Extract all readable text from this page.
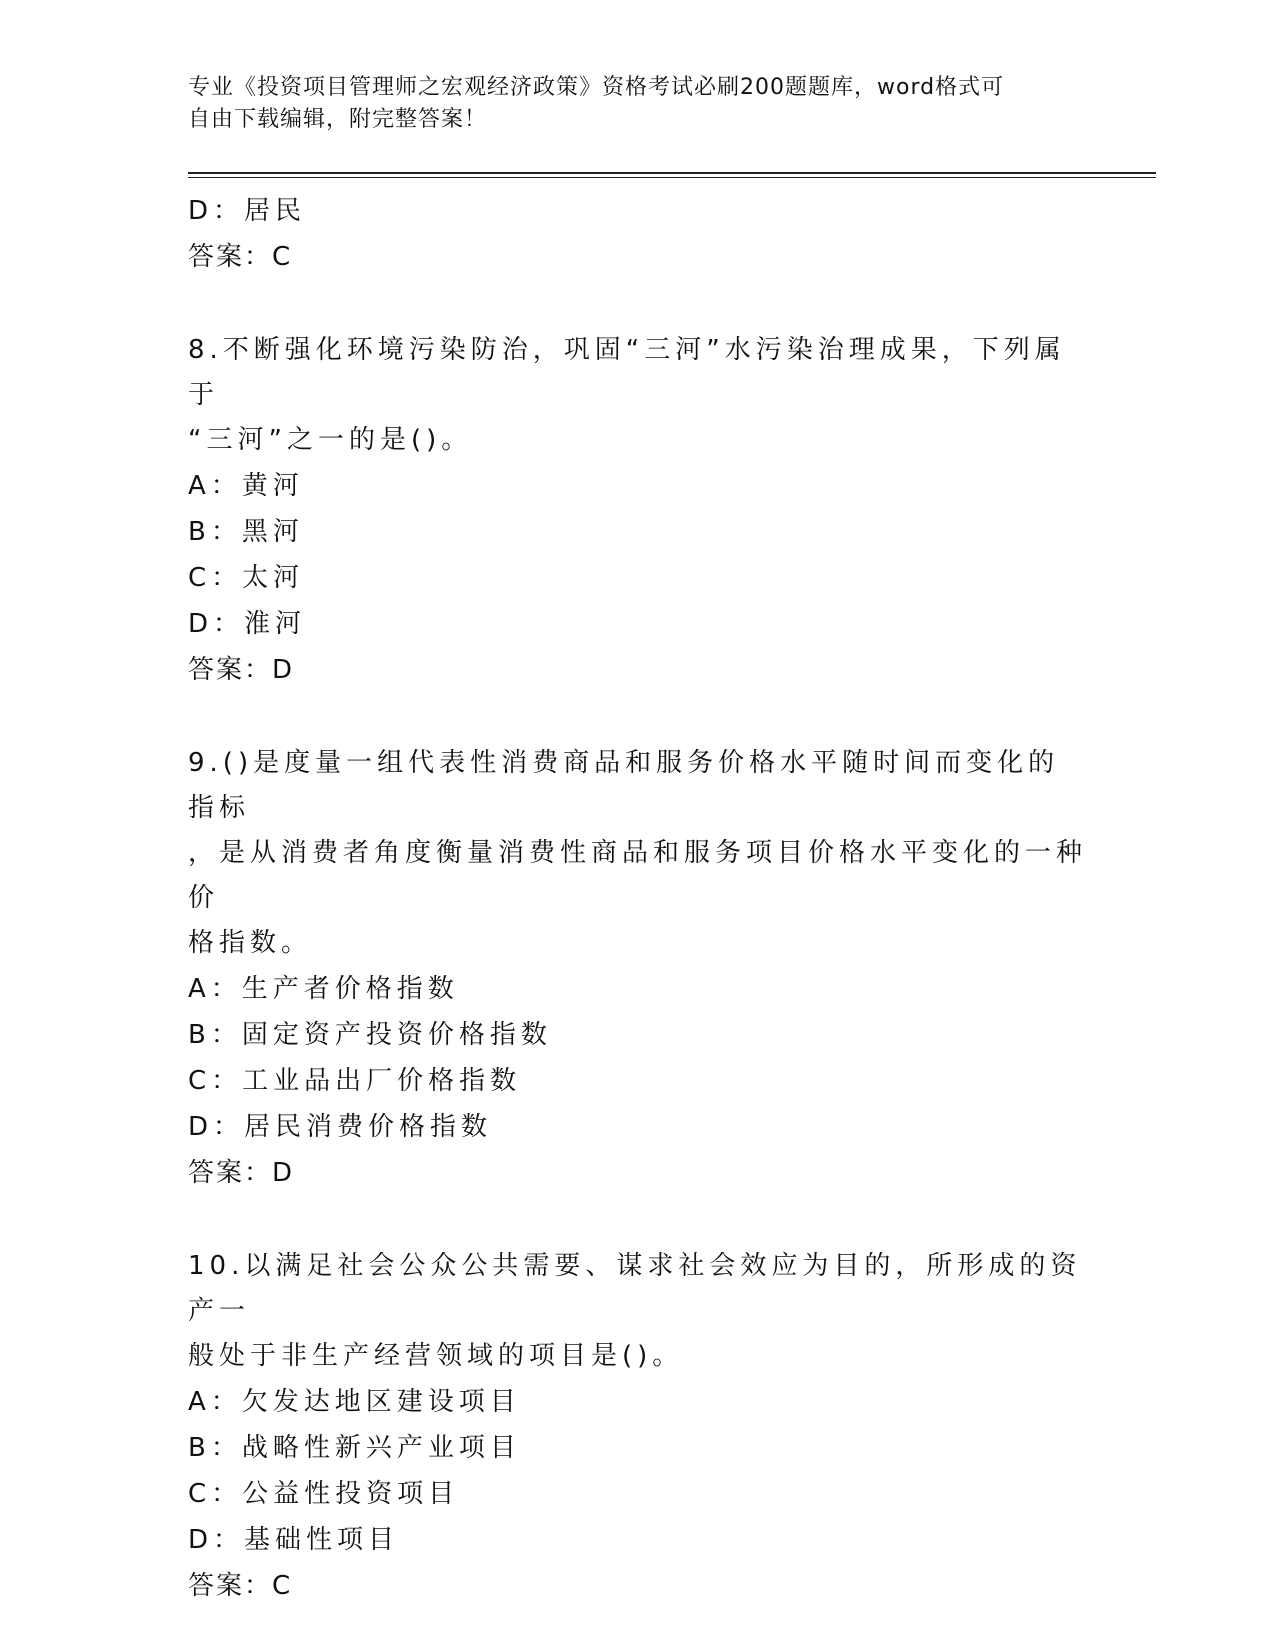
专业《投资项目管理师之宏观经济政策》资格考试必刷200题题库，word格式可
自由下载编辑，附完整答案！
D：居民
答案：C
8.不断强化环境污染防治，巩固“三河”水污染治理成果，下列属于
“三河”之一的是()。
A：黄河
B：黑河
C：太河
D：淮河
答案：D
9.()是度量一组代表性消费商品和服务价格水平随时间而变化的指标
，是从消费者角度衡量消费性商品和服务项目价格水平变化的一种价
格指数。
A：生产者价格指数
B：固定资产投资价格指数
C：工业品出厂价格指数
D：居民消费价格指数
答案：D
10.以满足社会公众公共需要、谋求社会效应为目的，所形成的资产一
般处于非生产经营领域的项目是()。
A：欠发达地区建设项目
B：战略性新兴产业项目
C：公益性投资项目
D：基础性项目
答案：C
